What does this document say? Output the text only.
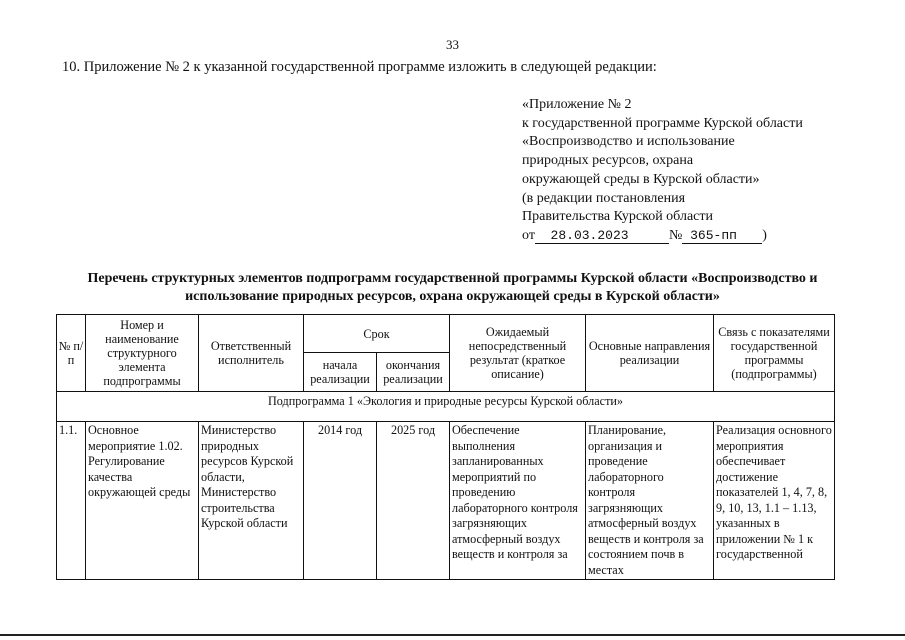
33
10. Приложение № 2 к указанной государственной программе изложить в следующей редакции:
«Приложение № 2
к государственной программе Курской области
«Воспроизводство и использование
природных ресурсов, охрана
окружающей среды в Курской области»
(в редакции постановления
Правительства Курской области
от 28.03.2023	№ 365-пп )
Перечень структурных элементов подпрограмм государственной программы Курской области «Воспроизводство и
использование природных ресурсов, охрана окружающей среды в Курской области»
№ п/п	Номер и наименование структурного элемента подпрограммы	Ответственный исполнитель	Срок		Ожидаемый непосредственный результат (краткое описание)	Основные направления реализации	Связь с показателями государственной программы (подпрограммы)
			начала реализации	окончания реализации			
Подпрограмма 1 «Экология и природные ресурсы Курской области»							
1.1.	Основное мероприятие 1.02. Регулирование качества окружающей среды	Министерство природных ресурсов Курской области, Министерство строительства Курской области	2014 год	2025 год	Обеспечение выполнения запланированных мероприятий по проведению лабораторного контроля загрязняющих атмосферный воздух веществ и контроля за	Планирование, организация и проведение лабораторного контроля загрязняющих атмосферный воздух веществ и контроля за состоянием почв в местах	Реализация основного мероприятия обеспечивает достижение показателей 1, 4, 7, 8, 9, 10, 13, 1.1 – 1.13, указанных в приложении № 1 к государственной
